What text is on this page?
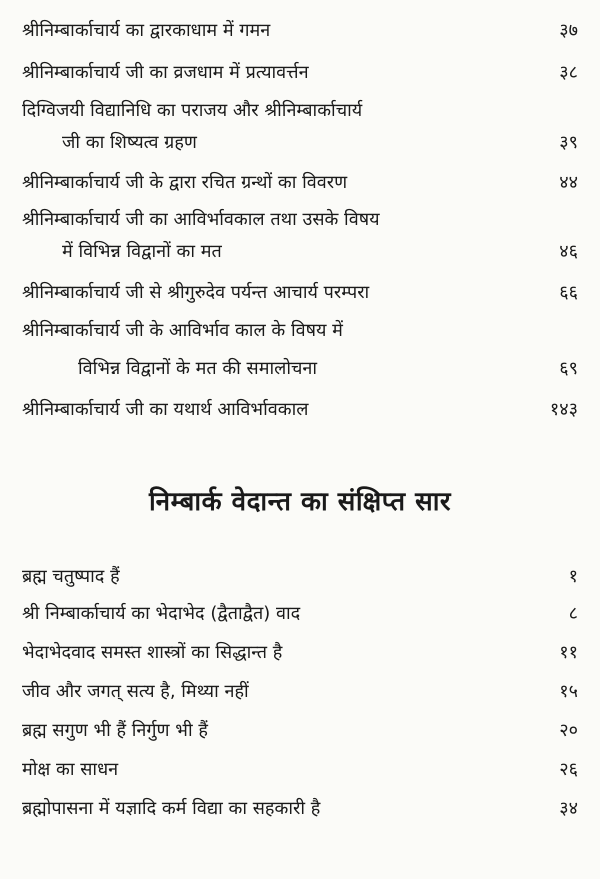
श्रीनिम्बार्काचार्य का द्वारकाधाम में गमन	३७
श्रीनिम्बार्काचार्य जी का व्रजधाम में प्रत्यावर्त्तन	३८
दिग्विजयी विद्यानिधि का पराजय और श्रीनिम्बार्काचार्य
जी का शिष्यत्व ग्रहण	३९
श्रीनिम्बार्काचार्य जी के द्वारा रचित ग्रन्थों का विवरण	४४
श्रीनिम्बार्काचार्य जी का आविर्भावकाल तथा उसके विषय
में विभिन्न विद्वानों का मत	४६
श्रीनिम्बार्काचार्य जी से श्रीगुरुदेव पर्यन्त आचार्य परम्परा	६६
श्रीनिम्बार्काचार्य जी के आविर्भाव काल के विषय में
विभिन्न विद्वानों के मत की समालोचना	६९
श्रीनिम्बार्काचार्य जी का यथार्थ आविर्भावकाल	१४३
निम्बार्क वेदान्त का संक्षिप्त सार
ब्रह्म चतुष्पाद हैं	१
श्री निम्बार्काचार्य का भेदाभेद (द्वैताद्वैत) वाद	८
भेदाभेदवाद समस्त शास्त्रों का सिद्धान्त है	११
जीव और जगत् सत्य है, मिथ्या नहीं	१५
ब्रह्म सगुण भी हैं निर्गुण भी हैं	२०
मोक्ष का साधन	२६
ब्रह्मोपासना में यज्ञादि कर्म विद्या का सहकारी है	३४
